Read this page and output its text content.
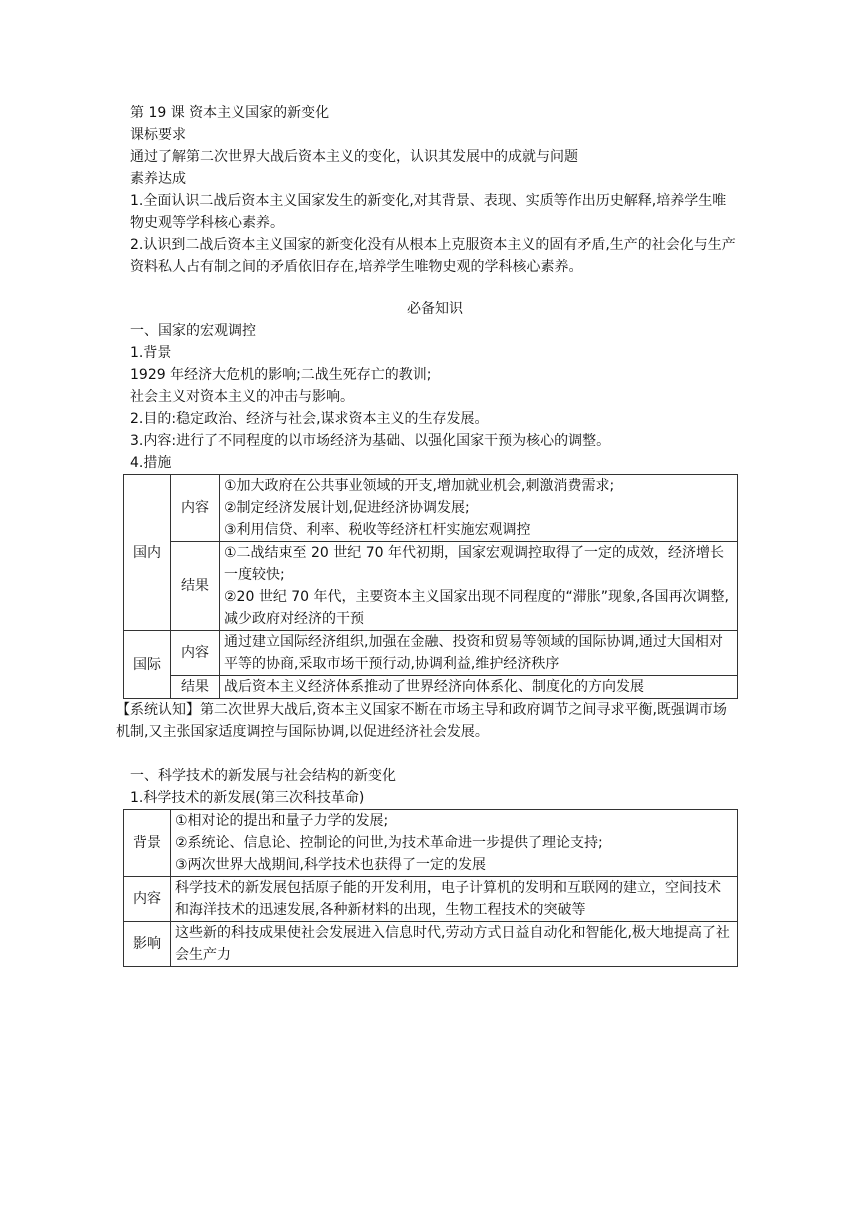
第 19 课 资本主义国家的新变化
课标要求
通过了解第二次世界大战后资本主义的变化，认识其发展中的成就与问题
素养达成
1.全面认识二战后资本主义国家发生的新变化,对其背景、表现、实质等作出历史解释,培养学生唯物史观等学科核心素养。
2.认识到二战后资本主义国家的新变化没有从根本上克服资本主义的固有矛盾,生产的社会化与生产资料私人占有制之间的矛盾依旧存在,培养学生唯物史观的学科核心素养。
必备知识
一、国家的宏观调控
1.背景
1929 年经济大危机的影响;二战生死存亡的教训;
社会主义对资本主义的冲击与影响。
2.目的:稳定政治、经济与社会,谋求资本主义的生存发展。
3.内容:进行了不同程度的以市场经济为基础、以强化国家干预为核心的调整。
4.措施
国内	内容	①加大政府在公共事业领域的开支,增加就业机会,刺激消费需求;
②制定经济发展计划,促进经济协调发展;
③利用信贷、利率、税收等经济杠杆实施宏观调控

	结果	①二战结束至 20 世纪 70 年代初期，国家宏观调控取得了一定的成效，经济增长一度较快;
②20 世纪 70 年代，主要资本主义国家出现不同程度的“滞胀”现象,各国再次调整,减少政府对经济的干预

国际	内容	通过建立国际经济组织,加强在金融、投资和贸易等领域的国际协调,通过大国相对平等的协商,采取市场干预行动,协调利益,维护经济秩序
	结果	战后资本主义经济体系推动了世界经济向体系化、制度化的方向发展
【系统认知】第二次世界大战后,资本主义国家不断在市场主导和政府调节之间寻求平衡,既强调市场机制,又主张国家适度调控与国际协调,以促进经济社会发展。
一、科学技术的新发展与社会结构的新变化
1.科学技术的新发展(第三次科技革命)
背景	①相对论的提出和量子力学的发展;
②系统论、信息论、控制论的问世,为技术革命进一步提供了理论支持;
③两次世界大战期间,科学技术也获得了一定的发展

内容	科学技术的新发展包括原子能的开发利用，电子计算机的发明和互联网的建立，空间技术和海洋技术的迅速发展,各种新材料的出现，生物工程技术的突破等
影响	这些新的科技成果使社会发展进入信息时代,劳动方式日益自动化和智能化,极大地提高了社会生产力
